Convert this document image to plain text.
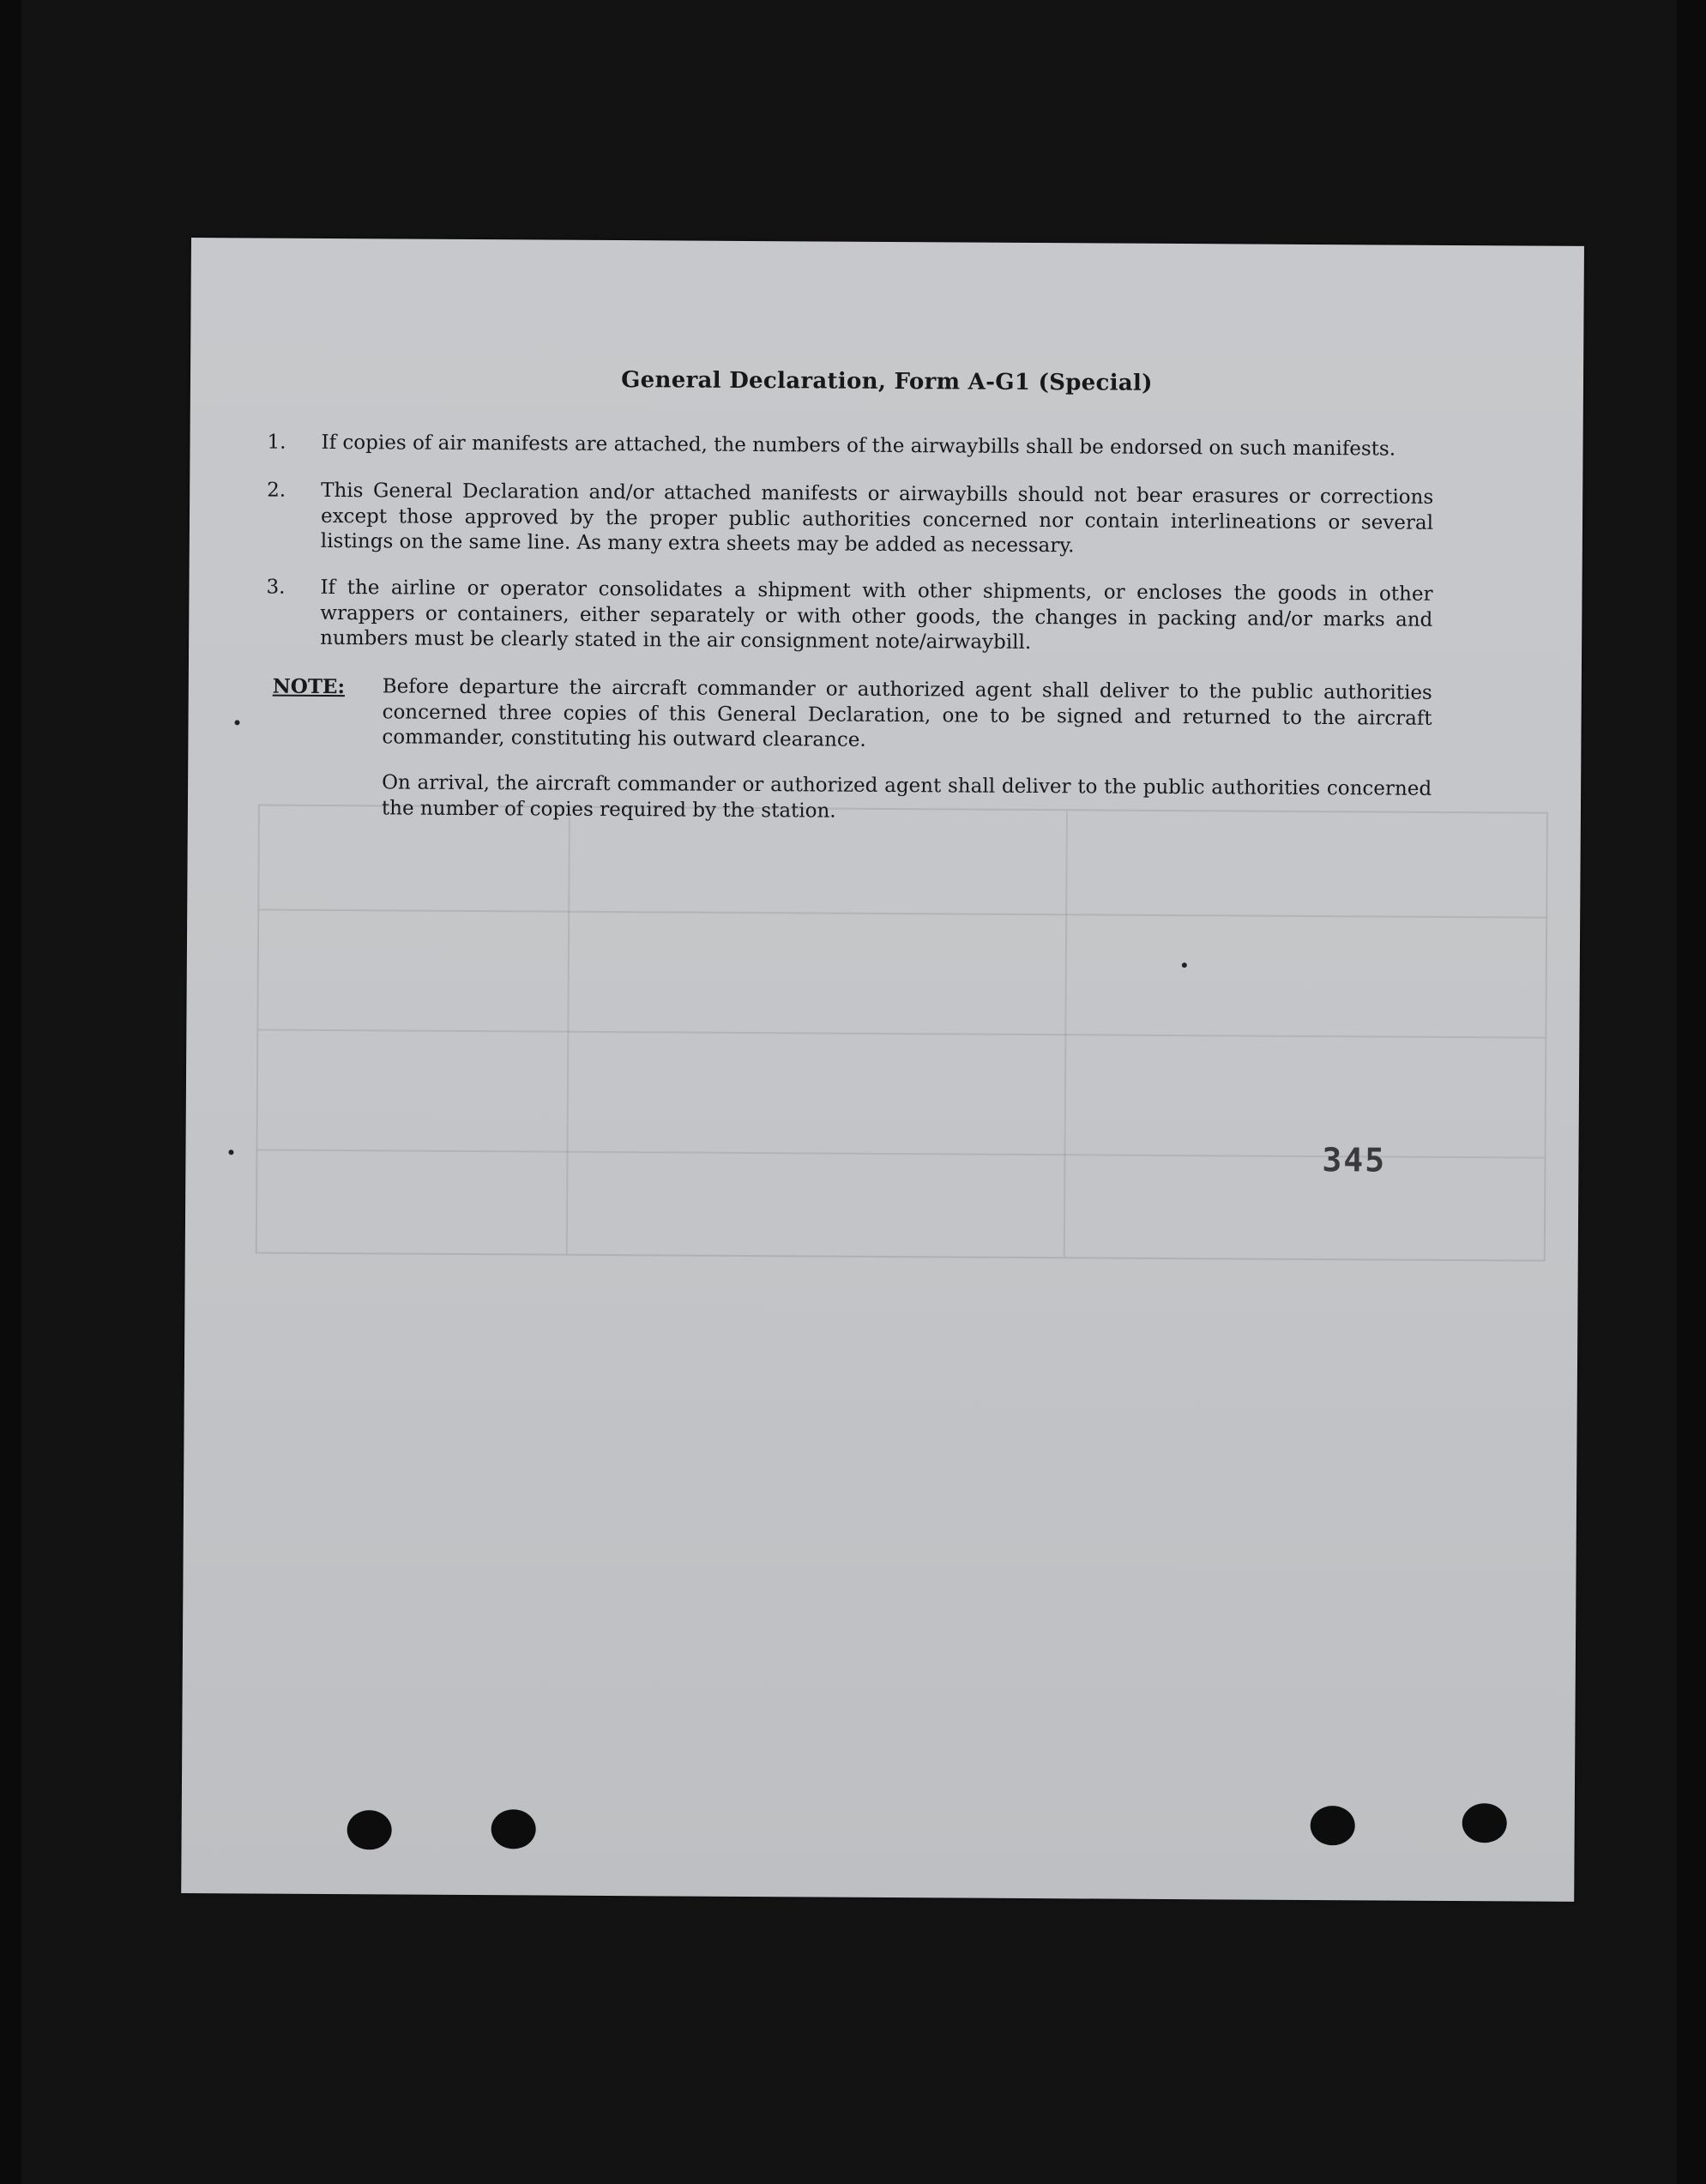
​
General Declaration, Form A-G1 (Special)
1.	If copies of air manifests are attached, the numbers of the airwaybills shall be endorsed on such manifests.
2.	This General Declaration and/or attached manifests or airwaybills should not bear erasures or corrections except those approved by the proper public authorities concerned nor contain interlineations or several listings on the same line. As many extra sheets may be added as necessary.
3.	If the airline or operator consolidates a shipment with other shipments, or encloses the goods in other wrappers or containers, either separately or with other goods, the changes in packing and/or marks and numbers must be clearly stated in the air consignment note/airwaybill.
NOTE: Before departure the aircraft commander or authorized agent shall deliver to the public authorities concerned three copies of this General Declaration, one to be signed and returned to the aircraft commander, constituting his outward clearance.
On arrival, the aircraft commander or authorized agent shall deliver to the public authorities concerned the number of copies required by the station.
345
